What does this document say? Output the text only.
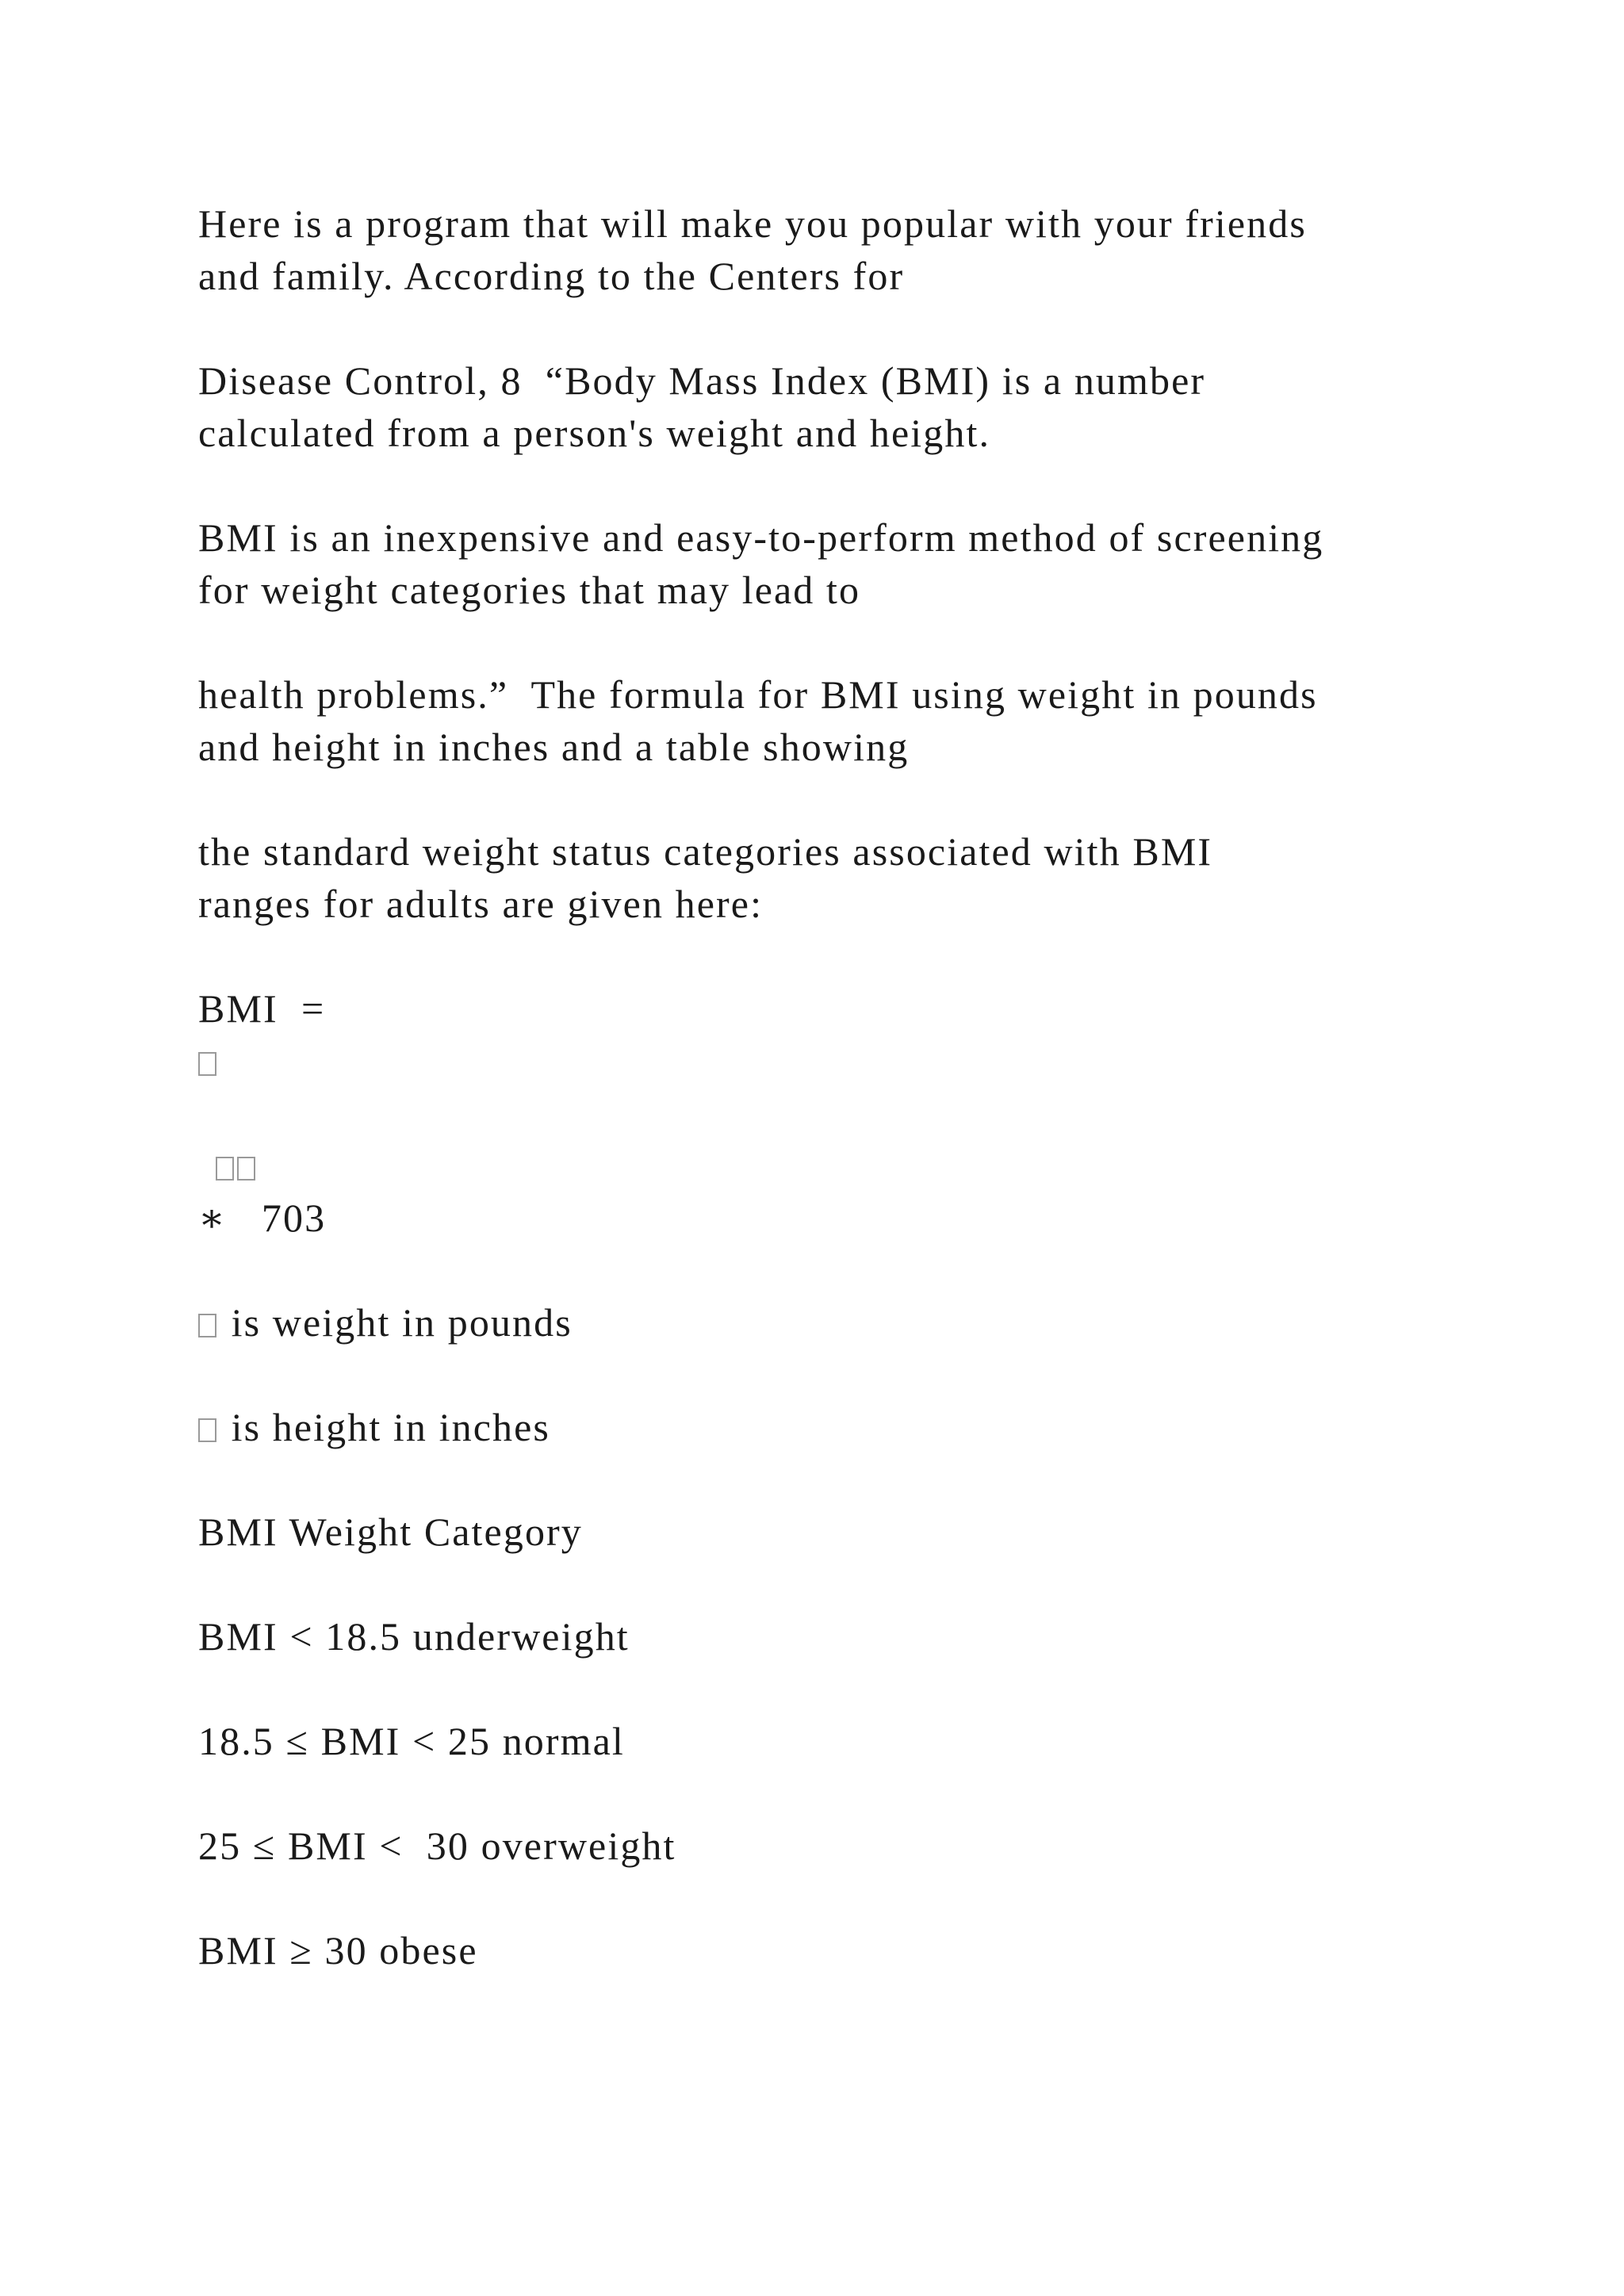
Here is a program that will make you popular with your friends
and family. According to the Centers for
Disease Control, 8  “Body Mass Index (BMI) is a number
calculated from a person's weight and height.
BMI is an inexpensive and easy-to-perform method of screening
for weight categories that may lead to
health problems.”  The formula for BMI using weight in pounds
and height in inches and a table showing
the standard weight status categories associated with BMI
ranges for adults are given here:
BMI  =
∗   703
is weight in pounds
is height in inches
BMI Weight Category
BMI < 18.5 underweight
18.5 ≤ BMI < 25 normal
25 ≤ BMI <  30 overweight
BMI ≥ 30 obese
